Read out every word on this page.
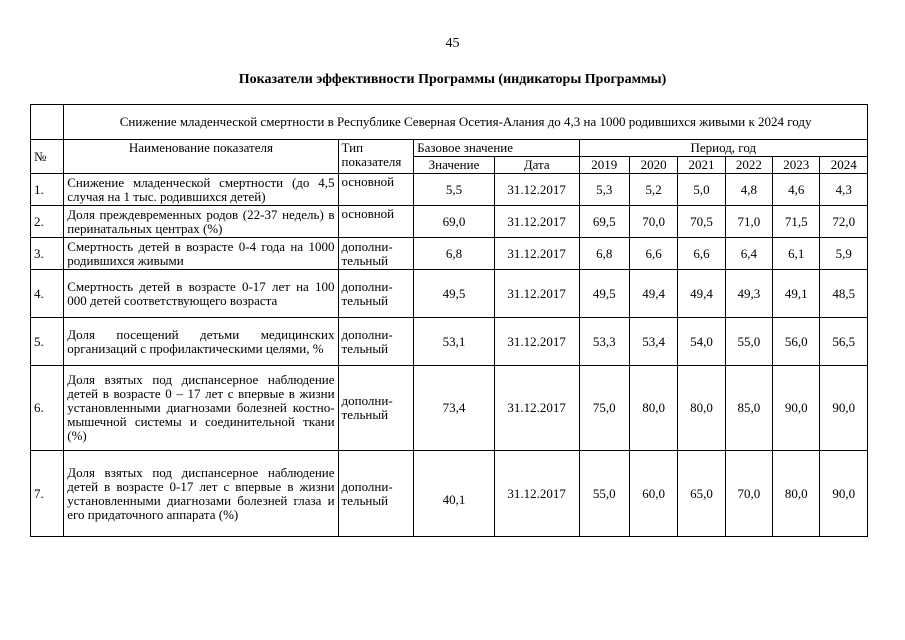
45
Показатели эффективности Программы (индикаторы Программы)
	Снижение младенческой смертности в Республике Северная Осетия-Алания до 4,3 на 1000 родившихся живыми к 2024 году									
№	Наименование показателя	Тип показателя	Базовое значение		Период, год					
			Значение	Дата	2019	2020	2021	2022	2023	2024
1.	Снижение младенческой смертности (до 4,5 случая на 1 тыс. родившихся детей)	основной	5,5	31.12.2017	5,3	5,2	5,0	4,8	4,6	4,3
2.	Доля преждевременных родов (22-37 недель) в перинатальных центрах (%)	основной	69,0	31.12.2017	69,5	70,0	70,5	71,0	71,5	72,0
3.	Смертность детей в возрасте 0-4 года на 1000 родившихся живыми	дополни-тельный	6,8	31.12.2017	6,8	6,6	6,6	6,4	6,1	5,9
4.	Смертность детей в возрасте 0-17 лет на 100 000 детей соответствующего возраста	дополни-тельный	49,5	31.12.2017	49,5	49,4	49,4	49,3	49,1	48,5
5.	Доля посещений детьми медицинских организаций с профилактическими целями, %	дополни-тельный	53,1	31.12.2017	53,3	53,4	54,0	55,0	56,0	56,5
6.	Доля взятых под диспансерное наблюдение детей в возрасте 0 – 17 лет с впервые в жизни установленными диагнозами болезней костно-мышечной системы и соединительной ткани (%)	дополни-тельный	73,4	31.12.2017	75,0	80,0	80,0	85,0	90,0	90,0
7.	Доля взятых под диспансерное наблюдение детей в возрасте 0-17 лет с впервые в жизни установленными диагнозами болезней глаза и его придаточного аппарата (%)	дополни-тельный	40,1	31.12.2017	55,0	60,0	65,0	70,0	80,0	90,0
